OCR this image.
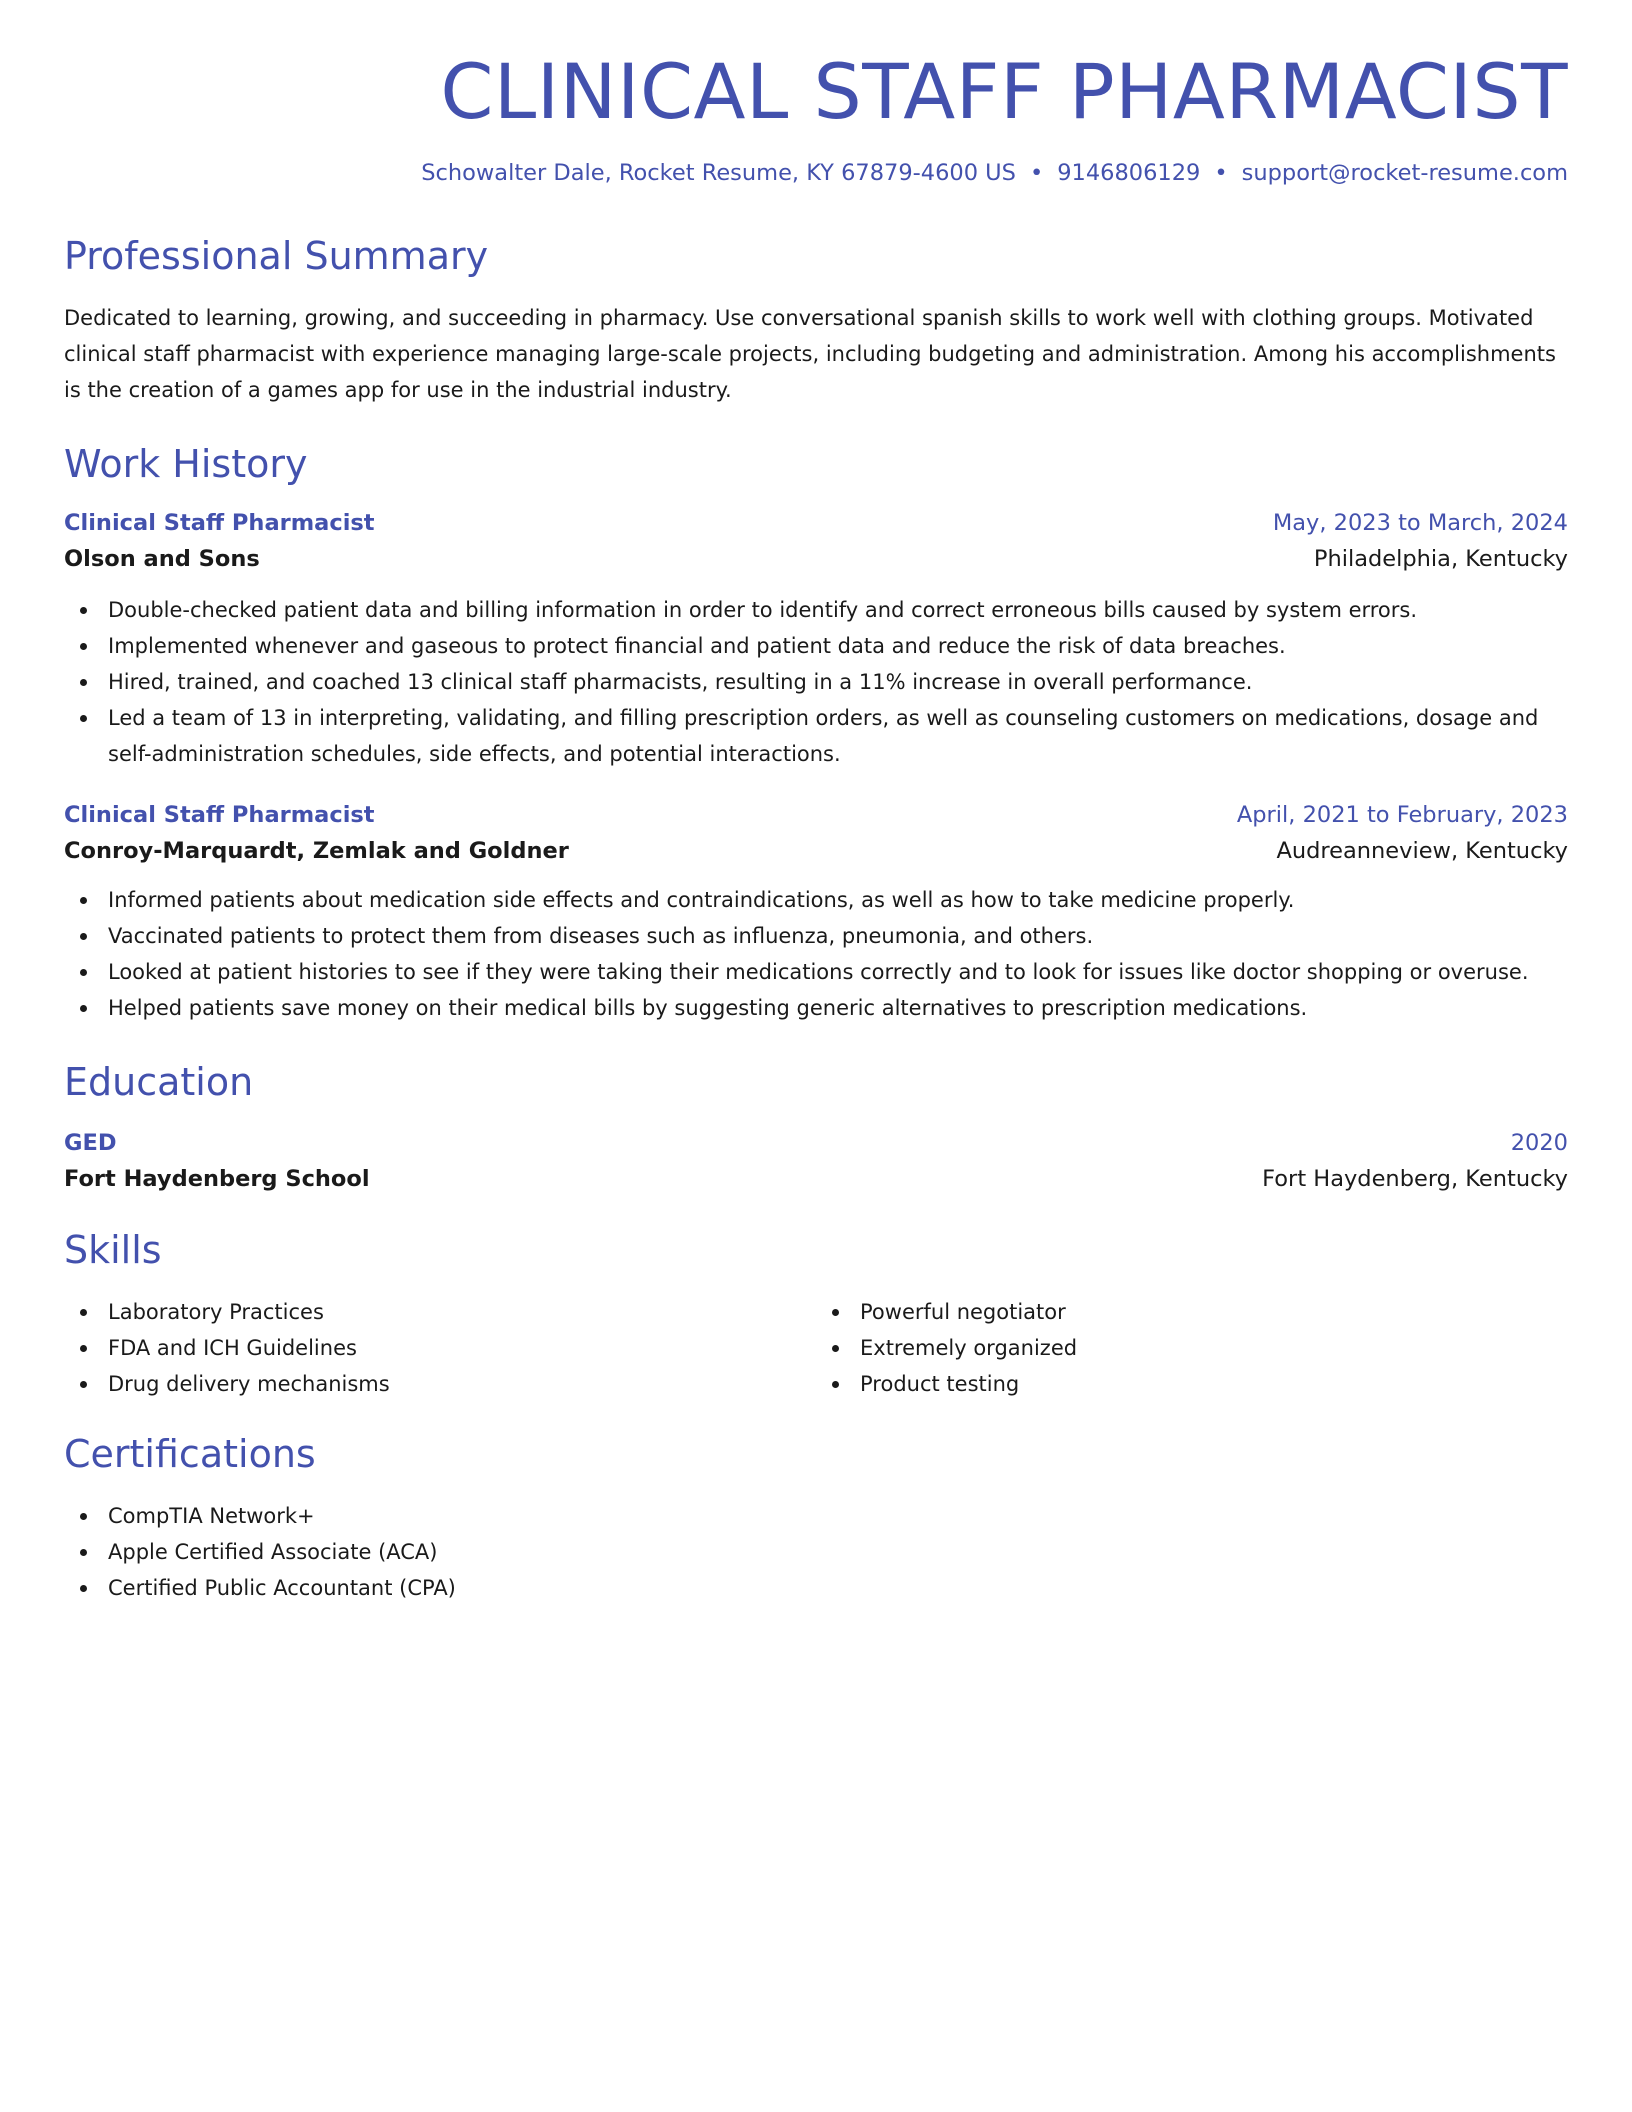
CLINICAL STAFF PHARMACIST
Schowalter Dale, Rocket Resume, KY 67879-4600 US • 9146806129 • support@rocket-resume.com
Professional Summary
Dedicated to learning, growing, and succeeding in pharmacy. Use conversational spanish skills to work well with clothing groups. Motivated clinical staff pharmacist with experience managing large-scale projects, including budgeting and administration. Among his accomplishments is the creation of a games app for use in the industrial industry.
Work History
Clinical Staff Pharmacist	May, 2023 to March, 2024
Olson and Sons	Philadelphia, Kentucky
Double-checked patient data and billing information in order to identify and correct erroneous bills caused by system errors.
Implemented whenever and gaseous to protect financial and patient data and reduce the risk of data breaches.
Hired, trained, and coached 13 clinical staff pharmacists, resulting in a 11% increase in overall performance.
Led a team of 13 in interpreting, validating, and filling prescription orders, as well as counseling customers on medications, dosage and self-administration schedules, side effects, and potential interactions.
Clinical Staff Pharmacist	April, 2021 to February, 2023
Conroy-Marquardt, Zemlak and Goldner	Audreanneview, Kentucky
Informed patients about medication side effects and contraindications, as well as how to take medicine properly.
Vaccinated patients to protect them from diseases such as influenza, pneumonia, and others.
Looked at patient histories to see if they were taking their medications correctly and to look for issues like doctor shopping or overuse.
Helped patients save money on their medical bills by suggesting generic alternatives to prescription medications.
Education
GED	2020
Fort Haydenberg School	Fort Haydenberg, Kentucky
Skills
Laboratory Practices
FDA and ICH Guidelines
Drug delivery mechanisms
Powerful negotiator
Extremely organized
Product testing
Certifications
CompTIA Network+
Apple Certified Associate (ACA)
Certified Public Accountant (CPA)
